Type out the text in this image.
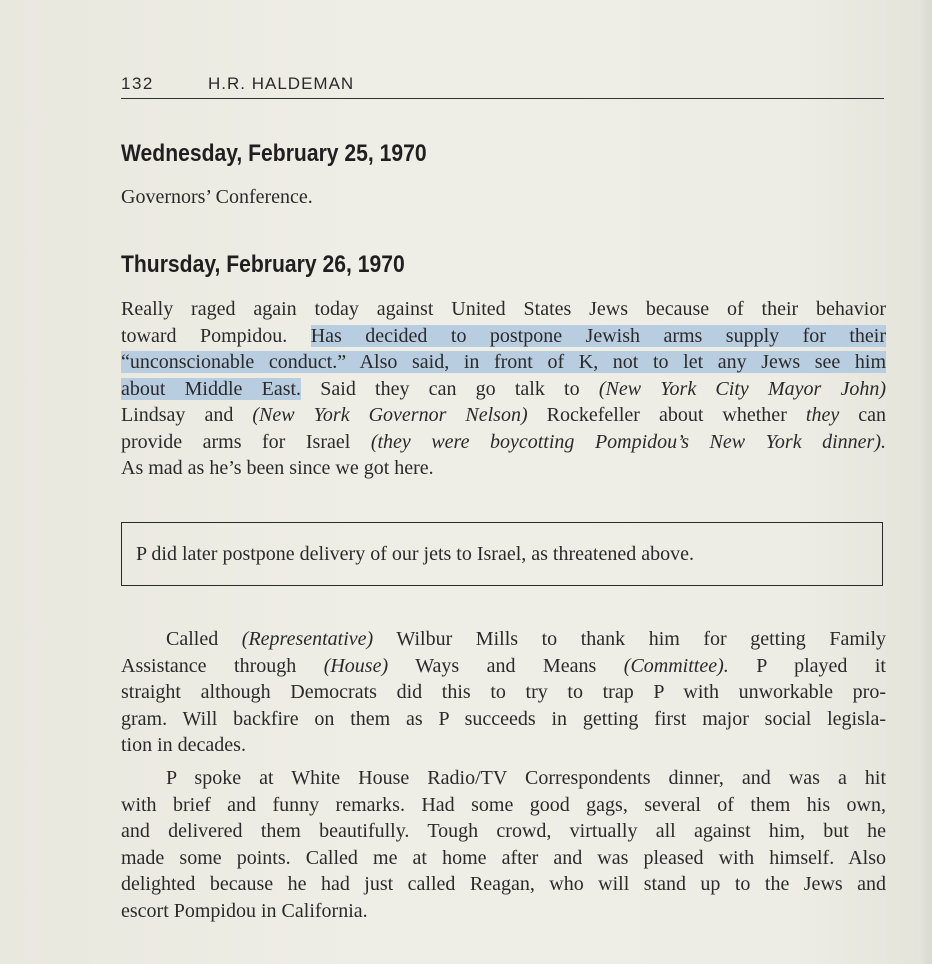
132	H.R. HALDEMAN
Wednesday, February 25, 1970
Governors’ Conference.
Thursday, February 26, 1970
Really raged again today against United States Jews because of their behavior
toward Pompidou. Has decided to postpone Jewish arms supply for their
“unconscionable conduct.” Also said, in front of K, not to let any Jews see him
about Middle East. Said they can go talk to (New York City Mayor John)
Lindsay and (New York Governor Nelson) Rockefeller about whether they can
provide arms for Israel (they were boycotting Pompidou’s New York dinner).
As mad as he’s been since we got here.
P did later postpone delivery of our jets to Israel, as threatened above.
Called (Representative) Wilbur Mills to thank him for getting Family
Assistance through (House) Ways and Means (Committee). P played it
straight although Democrats did this to try to trap P with unworkable pro-
gram. Will backfire on them as P succeeds in getting first major social legisla-
tion in decades.
P spoke at White House Radio/TV Correspondents dinner, and was a hit
with brief and funny remarks. Had some good gags, several of them his own,
and delivered them beautifully. Tough crowd, virtually all against him, but he
made some points. Called me at home after and was pleased with himself. Also
delighted because he had just called Reagan, who will stand up to the Jews and
escort Pompidou in California.
